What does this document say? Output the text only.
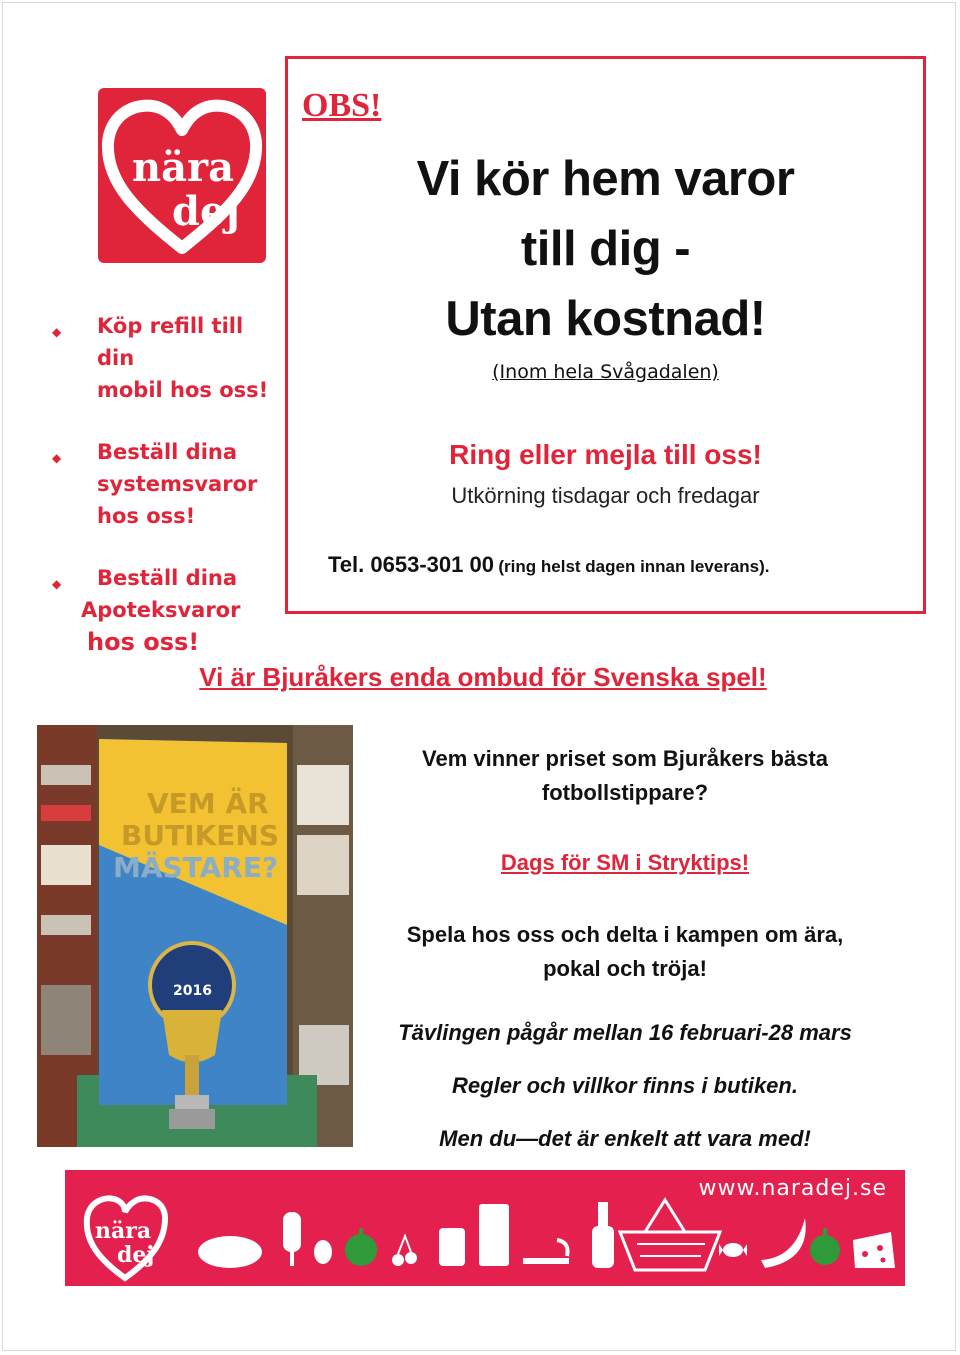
nära
dej
◆ Köp refill till din
mobil hos oss!
◆ Beställ dina
systemsvaror
hos oss!
◆ Beställ dina
Apoteksvaror
hos oss!
OBS!
Vi kör hem varor
till dig -
Utan kostnad!
(Inom hela Svågadalen)
Ring eller mejla till oss!
Utkörning tisdagar och fredagar
Tel. 0653-301 00 (ring helst dagen innan leverans).
Vi är Bjuråkers enda ombud för Svenska spel!
VEM ÄR
BUTIKENS
MÄSTARE?
2016
Vem vinner priset som Bjuråkers bästa
fotbollstippare?
Dags för SM i Stryktips!
Spela hos oss och delta i kampen om ära,
pokal och tröja!
Tävlingen pågår mellan 16 februari-28 mars
Regler och villkor finns i butiken.
Men du—det är enkelt att vara med!
www.naradej.se
nära
dej
